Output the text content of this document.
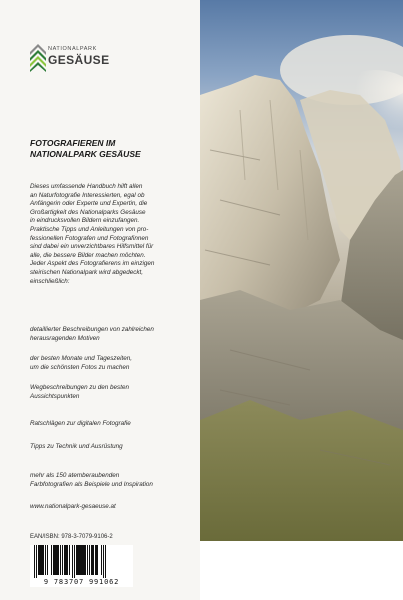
NATIONALPARK
GESÄUSE
FOTOGRAFIEREN IM
NATIONALPARK GESÄUSE
Dieses umfassende Handbuch hilft allen
an Naturfotografie Interessierten, egal ob
Anfängerin oder Experte und Expertin, die
Großartigkeit des Nationalparks Gesäuse
in eindrucksvollen Bildern einzufangen.
Praktische Tipps und Anleitungen von pro-
fessionellen Fotografen und Fotografinnen
sind dabei ein unverzichtbares Hilfsmittel für
alle, die bessere Bilder machen möchten.
Jeder Aspekt des Fotografierens im einzigen
steirischen Nationalpark wird abgedeckt,
einschließlich:
detaillierter Beschreibungen von zahlreichen
herausragenden Motiven
der besten Monate und Tageszeiten,
um die schönsten Fotos zu machen
Wegbeschreibungen zu den besten
Aussichtspunkten
Ratschlägen zur digitalen Fotografie
Tipps zu Technik und Ausrüstung
mehr als 150 atemberaubenden
Farbfotografien als Beispiele und Inspiration
www.nationalpark-gesaeuse.at
EAN/ISBN: 978-3-7079-9106-2
9 783707 991062
